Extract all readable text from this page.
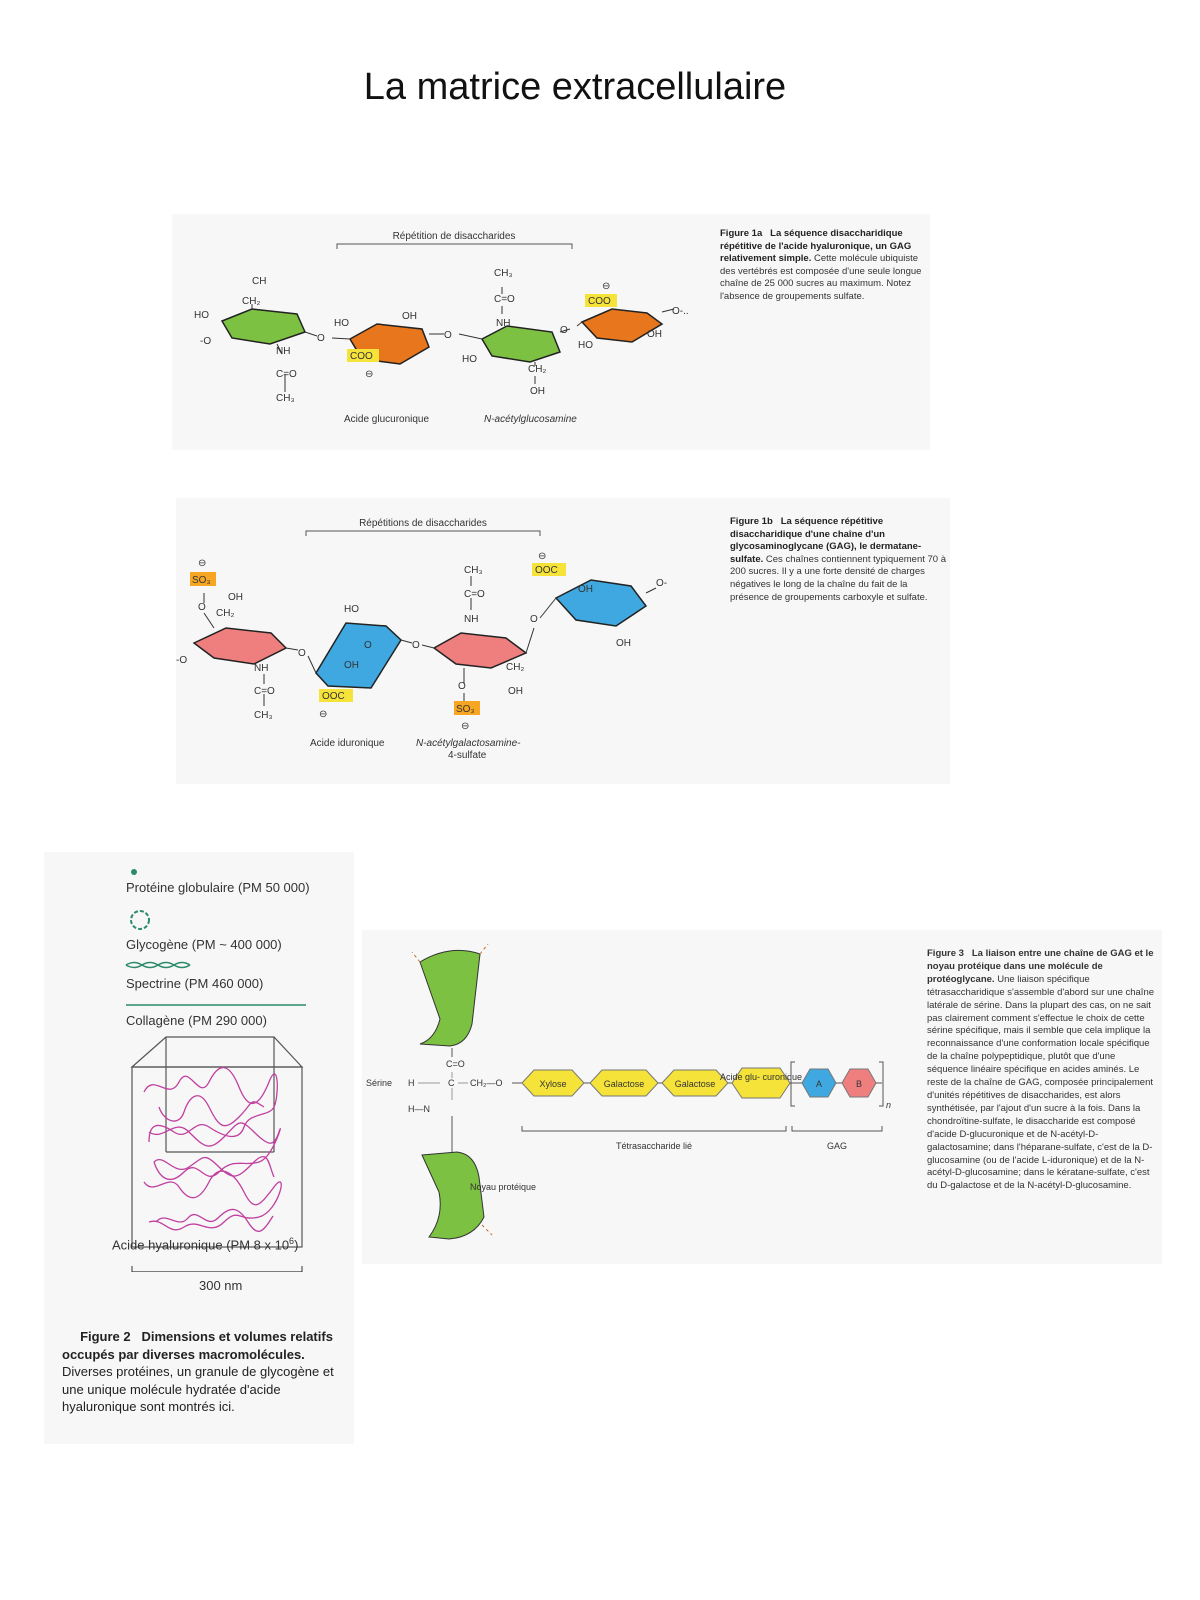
La matrice extracellulaire
Répétition de disaccharides
CH
CH₂
HO
-O
NH
C=O
CH₃
O
HO
OH
COO
⊖
O
CH₃
C=O
NH
HO
CH₂
OH
O
HO
COO
⊖
OH
O-..
Acide glucuronique	N-acétylglucosamine
Figure 1a La séquence disaccharidique répétitive de l'acide hyaluronique, un GAG relativement simple. Cette molécule ubiquiste des vertébrés est composée d'une seule longue chaîne de 25 000 sucres au maximum. Notez l'absence de groupements sulfate.
Répétitions de disaccharides
⊖
SO₃
O
OH
CH₂
-O
NH
C=O
CH₃
O
HO
OH
O
OOC
⊖
O
CH₃
C=O
NH
O
SO₃
⊖
CH₂
OH
O
⊖
OOC
OH
OH
O-
Acide iduronique	N-acétylgalactosamine-
4-sulfate
Figure 1b La séquence répétitive disaccharidique d'une chaîne d'un glycosaminoglycane (GAG), le dermatane-sulfate. Ces chaînes contiennent typiquement 70 à 200 sucres. Il y a une forte densité de charges négatives le long de la chaîne du fait de la présence de groupements carboxyle et sulfate.
Protéine globulaire (PM 50 000)
Glycogène (PM ~ 400 000)
Spectrine (PM 460 000)
Collagène (PM 290 000)
Acide hyaluronique (PM 8 x $10^6$)
300 nm
Figure 2 Dimensions et volumes relatifs occupés par diverses macromolécules. Diverses protéines, un granule de glycogène et une unique molécule hydratée d'acide hyaluronique sont montrés ici.
C=O
H	C CH₂—O
H—N
Sérine	Xylose	Galactose	Galactose
Acide glu- curonique
A	B
n
Tétrasaccharide lié	GAG
Noyau protéique
Figure 3 La liaison entre une chaîne de GAG et le noyau protéique dans une molécule de protéoglycane. Une liaison spécifique tétrasaccharidique s'assemble d'abord sur une chaîne latérale de sérine. Dans la plupart des cas, on ne sait pas clairement comment s'effectue le choix de cette sérine spécifique, mais il semble que cela implique la reconnaissance d'une conformation locale spécifique de la chaîne polypeptidique, plutôt que d'une séquence linéaire spécifique en acides aminés. Le reste de la chaîne de GAG, composée principalement d'unités répétitives de disaccharides, est alors synthétisée, par l'ajout d'un sucre à la fois. Dans la chondroïtine-sulfate, le disaccharide est composé d'acide D-glucuronique et de N-acétyl-D-galactosamine; dans l'héparane-sulfate, c'est de la D-glucosamine (ou de l'acide L-iduronique) et de la N-acétyl-D-glucosamine; dans le kératane-sulfate, c'est du D-galactose et de la N-acétyl-D-glucosamine.
